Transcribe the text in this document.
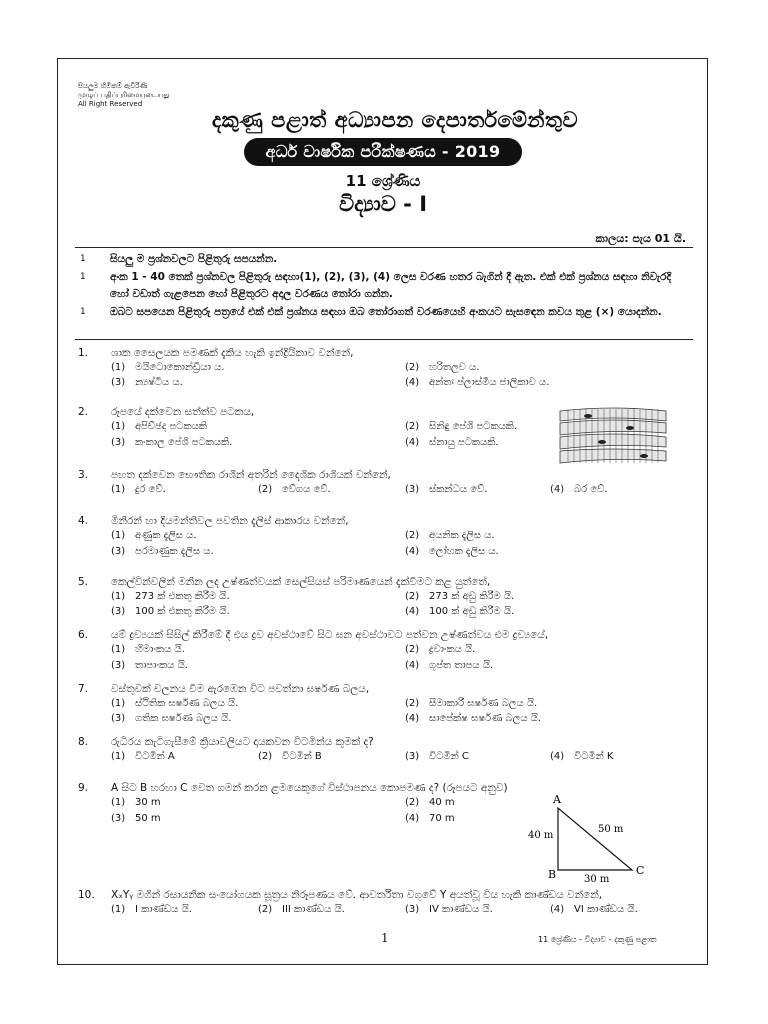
සියලුම හිමිකම් ඇවිරිණි
முழுப் பதிப்புரிமையுடையது
All Right Reserved
දකුණු පළාත් අධ්‍යාපන දෙපාර්තමේන්තුව
අර්ධ වාර්ෂික පරීක්ෂණය - 2019
11 ශ්‍රේණිය
විද්‍යාව - I
කාලය: පැය 01 යි.
1 සියලු ම ප්‍රශ්නවලට පිළිතුරු සපයන්න.
1 අංක 1 - 40 තෙක් ප්‍රශ්නවල පිළිතුරු සඳහා(1), (2), (3), (4) ලෙස වරණ හතර බැගින් දී ඇත. එක් එක් ප්‍රශ්නය සඳහා නිවැරදි හෝ වඩාත් ගැළපෙන හෝ පිළිතුරට අදාල වරණය තෝරා ගන්න.
1 ඔබට සපයෙන පිළිතුරු පත්‍රයේ එක් එක් ප්‍රශ්නය සඳහා ඔබ තෝරාගත් වරණයෙහි අංකයට සැසඳෙන කවය තුළ (×) යොදන්න.
1. ශාක සෛලයක පමණක් දැකිය හැකි ඉන්ද්‍රියිකාව වන්නේ,
(1) මයිටොකොන්ඩ්‍රියා ය.	(2) හරිතලව ය.
(3) න්‍යෂ්ටිය ය.	(4) අන්තඃ ප්ලාස්මීය ජාලිකාව ය.
2. රූපයේ දක්වෙන සත්ත්ව පටකය,
(1) අපිච්ඡද පටකයකි	(2) සිනිඳු පේශි පටකයකි.
(3) කංකාල පේශි පටකයකි.	(4) ස්නායු පටකයකි.
3. පහත දක්වෙන භෞතික රාශීන් අතරින් දෛශික රාශියක් වන්නේ,
(1) දුර වේ.	(2) වේගය වේ.	(3) ස්කන්ධය වේ.	(4) බර වේ.
4. මිනිරන් හා දියමන්තිවල පවතින දැලිස් ආකාරය වන්නේ,
(1) අණුක දැලිස ය.	(2) අයනික දැලිස ය.
(3) පරමාණුක දැලිස ය.	(4) ලෝහක දැලිස ය.
5. කෙල්වින්වලින් මනින ලද උෂ්ණත්වයක් සෙල්සියස් පරිමාණයෙන් දැක්වීමට කළ යුත්තේ,
(1) 273 ක් එකතු කිරීම යි.	(2) 273 ක් අඩු කිරීම යි.
(3) 100 ක් එකතු කිරීම යි.	(4) 100 ක් අඩු කිරීම යි.
6. යම් ද්‍රව්‍යයක් සිසිල් කිරීමේ දී එය ද්‍රව අවස්ථාවේ සිට ඝන අවස්ථාවට පත්වන උෂ්ණත්වය එම ද්‍රව්‍යයේ,
(1) හිමාංකය යි.	(2) ද්‍රවාංකය යි.
(3) තාපාංකය යි.	(4) ගුප්ත තාපය යි.
7. වස්තුවක් චලනය වීම ඇරඹෙන විට පවත්නා ඝර්ෂණ බලය,
(1) ස්ථිතික ඝර්ෂණ බලය යි.	(2) සීමාකාරී ඝර්ෂණ බලය යි.
(3) ගතික ඝර්ෂණ බලය යි.	(4) සාපේක්ෂ ඝර්ෂණ බලය යි.
8. රුධිරය කැටිගැසීමේ ක්‍රියාවලියට දායකවන විටමින්ය කුමක් ද?
(1) විටමින් A	(2) විටමින් B	(3) විටමින් C	(4) විටමින් K
9. A සිට B හරහා C වෙත ගමන් කරන ළමයෙකුගේ විස්ථාපනය කොපමණ ද? (රූපයට අනුව)
(1) 30 m	(2) 40 m
(3) 50 m	(4) 70 m
A
B	C
40 m
50 m
30 m
10. XₓYᵧ මගින් රසායනික සංයෝගයක සූත්‍රය නිරූපණය වේ. ආවර්තිතා වගුවේ Y අයත්වූ විය හැකි කාණ්ඩය වන්නේ,
(1) I කාණ්ඩය යි.	(2) III කාණ්ඩය යි.	(3) IV කාණ්ඩය යි.	(4) VI කාණ්ඩය යි.
1	11 ශ්‍රේණිය - විද්‍යාව - දකුණු පළාත
